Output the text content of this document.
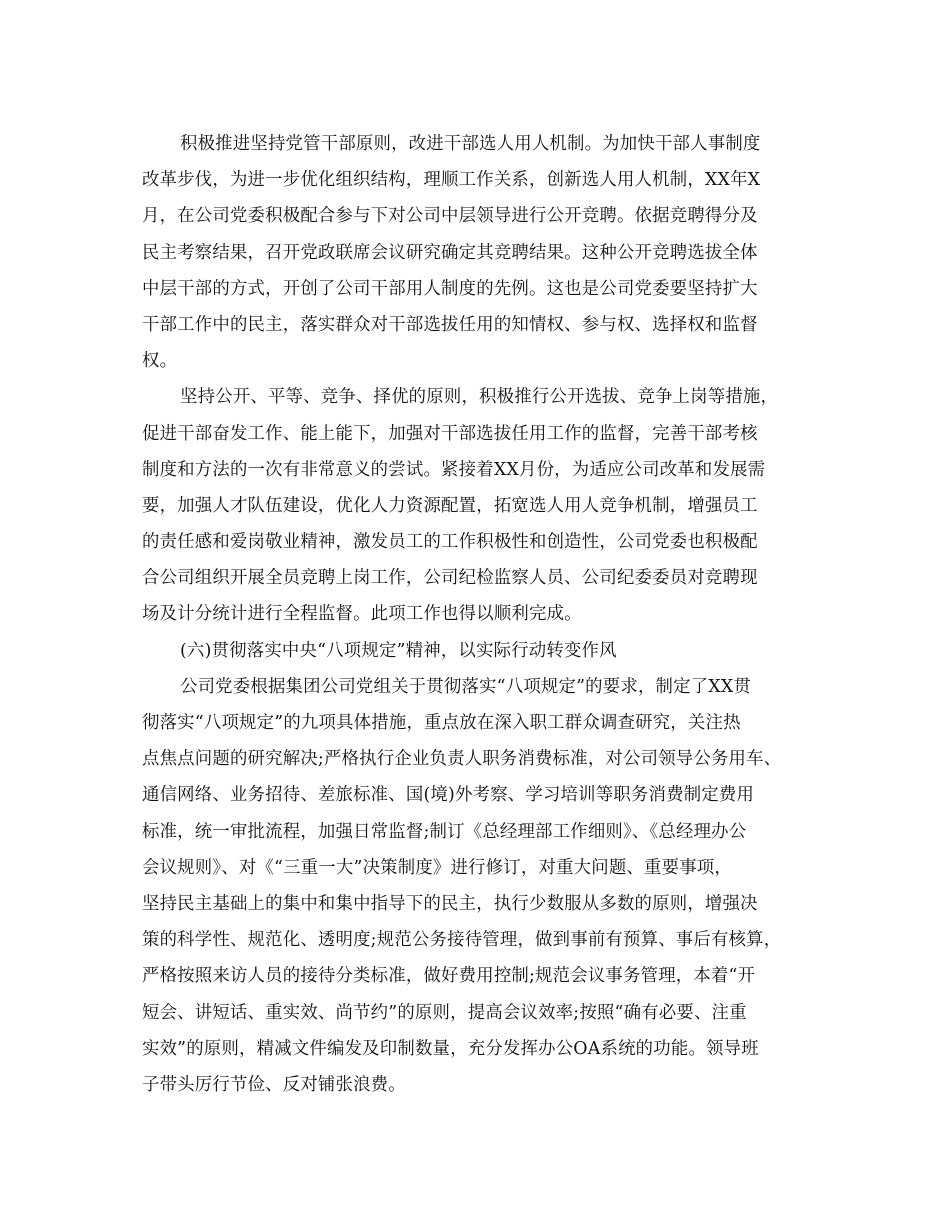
积极推进坚持党管干部原则，改进干部选人用人机制。为加快干部人事制度
改革步伐，为进一步优化组织结构，理顺工作关系，创新选人用人机制，XX年X
月，在公司党委积极配合参与下对公司中层领导进行公开竞聘。依据竞聘得分及
民主考察结果，召开党政联席会议研究确定其竞聘结果。这种公开竞聘选拔全体
中层干部的方式，开创了公司干部用人制度的先例。这也是公司党委要坚持扩大
干部工作中的民主，落实群众对干部选拔任用的知情权、参与权、选择权和监督
权。
坚持公开、平等、竞争、择优的原则，积极推行公开选拔、竞争上岗等措施，
促进干部奋发工作、能上能下，加强对干部选拔任用工作的监督，完善干部考核
制度和方法的一次有非常意义的尝试。紧接着XX月份，为适应公司改革和发展需
要，加强人才队伍建设，优化人力资源配置，拓宽选人用人竞争机制，增强员工
的责任感和爱岗敬业精神，激发员工的工作积极性和创造性，公司党委也积极配
合公司组织开展全员竞聘上岗工作，公司纪检监察人员、公司纪委委员对竞聘现
场及计分统计进行全程监督。此项工作也得以顺利完成。
(六)贯彻落实中央“八项规定”精神，以实际行动转变作风
公司党委根据集团公司党组关于贯彻落实“八项规定”的要求，制定了XX贯
彻落实“八项规定”的九项具体措施，重点放在深入职工群众调查研究，关注热
点焦点问题的研究解决;严格执行企业负责人职务消费标准，对公司领导公务用车、
通信网络、业务招待、差旅标准、国(境)外考察、学习培训等职务消费制定费用
标准，统一审批流程，加强日常监督;制订《总经理部工作细则》、《总经理办公
会议规则》、对《“三重一大”决策制度》进行修订，对重大问题、重要事项，
坚持民主基础上的集中和集中指导下的民主，执行少数服从多数的原则，增强决
策的科学性、规范化、透明度;规范公务接待管理，做到事前有预算、事后有核算，
严格按照来访人员的接待分类标准，做好费用控制;规范会议事务管理，本着“开
短会、讲短话、重实效、尚节约”的原则，提高会议效率;按照“确有必要、注重
实效”的原则，精减文件编发及印制数量，充分发挥办公OA系统的功能。领导班
子带头厉行节俭、反对铺张浪费。
